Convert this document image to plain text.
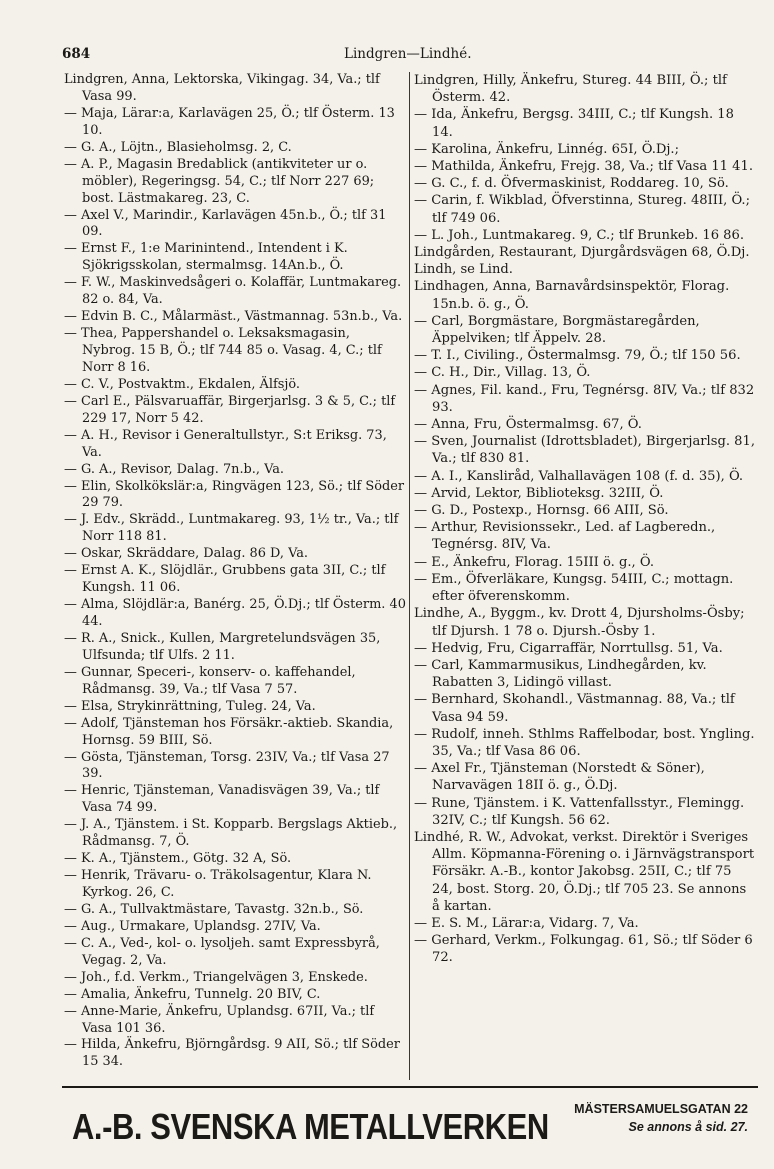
684	Lindgren—Lindhé.

Lindgren, Anna, Lektorska, Vikingag. 34, Va.; tlf Vasa 99.

— Maja, Lärar:a, Karlavägen 25, Ö.; tlf Österm. 13 10.

— G. A., Löjtn., Blasieholmsg. 2, C.

— A. P., Magasin Bredablick (antikviteter ur o. möbler), Regeringsg. 54, C.; tlf Norr 227 69; bost. Lästmakareg. 23, C.

— Axel V., Marindir., Karlavägen 45n.b., Ö.; tlf 31 09.

— Ernst F., 1:e Marinintend., Intendent i K. Sjökrigsskolan, stermalmsg. 14An.b., Ö.

— F. W., Maskinvedsågeri o. Kolaffär, Luntmakareg. 82 o. 84, Va.

— Edvin B. C., Målarmäst., Västmannag. 53n.b., Va.

— Thea, Pappershandel o. Leksaksmagasin, Nybrog. 15 B, Ö.; tlf 744 85 o. Vasag. 4, C.; tlf Norr 8 16.

— C. V., Postvaktm., Ekdalen, Älfsjö.

— Carl E., Pälsvaruaffär, Birgerjarlsg. 3 & 5, C.; tlf 229 17, Norr 5 42.

— A. H., Revisor i Generaltullstyr., S:t Eriksg. 73, Va.

— G. A., Revisor, Dalag. 7n.b., Va.

— Elin, Skolkökslär:a, Ringvägen 123, Sö.; tlf Söder 29 79.

— J. Edv., Skrädd., Luntmakareg. 93, 1½ tr., Va.; tlf Norr 118 81.

— Oskar, Skräddare, Dalag. 86 D, Va.

— Ernst A. K., Slöjdlär., Grubbens gata 3II, C.; tlf Kungsh. 11 06.

— Alma, Slöjdlär:a, Banérg. 25, Ö.Dj.; tlf Österm. 40 44.

— R. A., Snick., Kullen, Margretelundsvägen 35, Ulfsunda; tlf Ulfs. 2 11.

— Gunnar, Speceri-, konserv- o. kaffehandel, Rådmansg. 39, Va.; tlf Vasa 7 57.

— Elsa, Strykinrättning, Tuleg. 24, Va.

— Adolf, Tjänsteman hos Försäkr.-aktieb. Skandia, Hornsg. 59 BIII, Sö.

— Gösta, Tjänsteman, Torsg. 23IV, Va.; tlf Vasa 27 39.

— Henric, Tjänsteman, Vanadisvägen 39, Va.; tlf Vasa 74 99.

— J. A., Tjänstem. i St. Kopparb. Bergslags Aktieb., Rådmansg. 7, Ö.

— K. A., Tjänstem., Götg. 32 A, Sö.

— Henrik, Trävaru- o. Träkolsagentur, Klara N. Kyrkog. 26, C.

— G. A., Tullvaktmästare, Tavastg. 32n.b., Sö.

— Aug., Urmakare, Uplandsg. 27IV, Va.

— C. A., Ved-, kol- o. lysoljeh. samt Expressbyrå, Vegag. 2, Va.

— Joh., f.d. Verkm., Triangelvägen 3, Enskede.

— Amalia, Änkefru, Tunnelg. 20 BIV, C.

— Anne-Marie, Änkefru, Uplandsg. 67II, Va.; tlf Vasa 101 36.

— Hilda, Änkefru, Björngårdsg. 9 AII, Sö.; tlf Söder 15 34.

Lindgren, Hilly, Änkefru, Stureg. 44 BIII, Ö.; tlf Österm. 42.

— Ida, Änkefru, Bergsg. 34III, C.; tlf Kungsh. 18 14.

— Karolina, Änkefru, Linnég. 65I, Ö.Dj.;

— Mathilda, Änkefru, Frejg. 38, Va.; tlf Vasa 11 41.

— G. C., f. d. Öfvermaskinist, Roddareg. 10, Sö.

— Carin, f. Wikblad, Öfverstinna, Stureg. 48III, Ö.; tlf 749 06.

— L. Joh., Luntmakareg. 9, C.; tlf Brunkeb. 16 86.

Lindgården, Restaurant, Djurgårdsvägen 68, Ö.Dj.

Lindh, se Lind.

Lindhagen, Anna, Barnavårdsinspektör, Florag. 15n.b. ö. g., Ö.

— Carl, Borgmästare, Borgmästaregården, Äppelviken; tlf Äppelv. 28.

— T. I., Civiling., Östermalmsg. 79, Ö.; tlf 150 56.

— C. H., Dir., Villag. 13, Ö.

— Agnes, Fil. kand., Fru, Tegnérsg. 8IV, Va.; tlf 832 93.

— Anna, Fru, Östermalmsg. 67, Ö.

— Sven, Journalist (Idrottsbladet), Birgerjarlsg. 81, Va.; tlf 830 81.

— A. I., Kanslіråd, Valhallavägen 108 (f. d. 35), Ö.

— Arvid, Lektor, Biblioteksg. 32III, Ö.

— G. D., Postexp., Hornsg. 66 AIII, Sö.

— Arthur, Revisionssekr., Led. af Lagberedn., Tegnérsg. 8IV, Va.

— E., Änkefru, Florag. 15III ö. g., Ö.

— Em., Öfverläkare, Kungsg. 54III, C.; mottagn. efter öfverenskomm.

Lindhe, A., Byggm., kv. Drott 4, Djursholms-Ösby; tlf Djursh. 1 78 o. Djursh.-Ösby 1.

— Hedvig, Fru, Cigarraffär, Norrtullsg. 51, Va.

— Carl, Kammarmusikus, Lindhegården, kv. Rabatten 3, Lidingö villast.

— Bernhard, Skohandl., Västmannag. 88, Va.; tlf Vasa 94 59.

— Rudolf, inneh. Sthlms Raffelbodar, bost. Yngling. 35, Va.; tlf Vasa 86 06.

— Axel Fr., Tjänsteman (Norstedt & Söner), Narvavägen 18II ö. g., Ö.Dj.

— Rune, Tjänstem. i K. Vattenfallsstyr., Flemingg. 32IV, C.; tlf Kungsh. 56 62.

Lindhé, R. W., Advokat, verkst. Direktör i Sveriges Allm. Köpmanna-Förening o. i Järnvägstransport Försäkr. A.-B., kontor Jakobsg. 25II, C.; tlf 75 24, bost. Storg. 20, Ö.Dj.; tlf 705 23. Se annons å kartan.

— E. S. M., Lärar:a, Vidarg. 7, Va.

— Gerhard, Verkm., Folkungag. 61, Sö.; tlf Söder 6 72.

A.-B. SVENSKA METALLVERKEN MÄSTERSAMUELSGATAN 22
Se annons å sid. 27.
